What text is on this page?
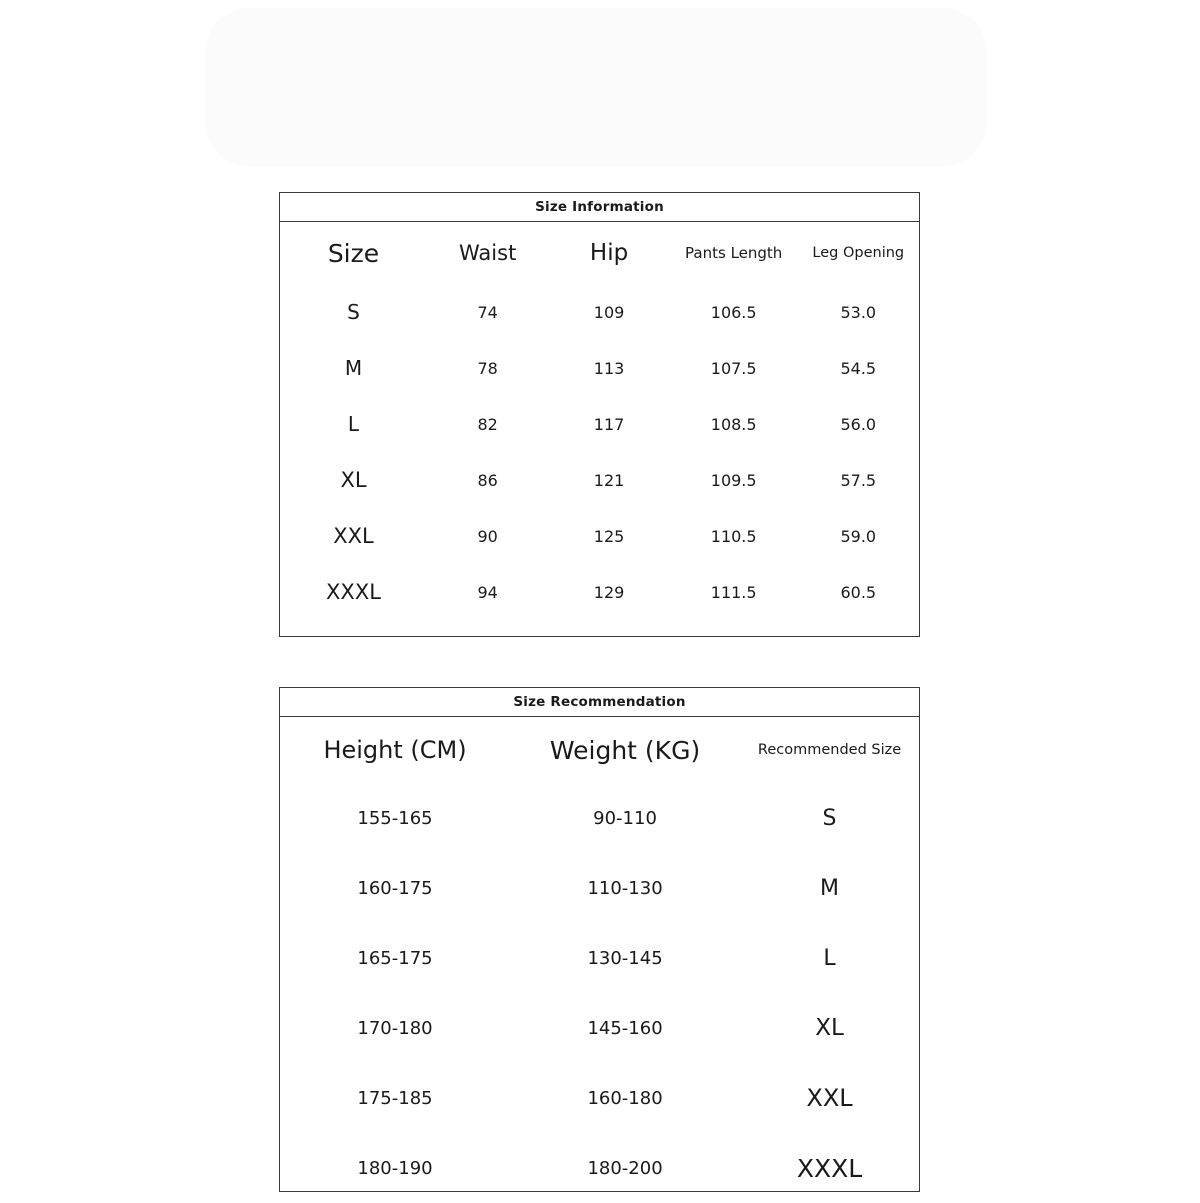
Size Information
Size	Waist	Hip	Pants Length	Leg Opening
S	74	109	106.5	53.0
M	78	113	107.5	54.5
L	82	117	108.5	56.0
XL	86	121	109.5	57.5
XXL	90	125	110.5	59.0
XXXL	94	129	111.5	60.5
Size Recommendation
Height (CM)	Weight (KG)	Recommended Size
155-165	90-110	S
160-175	110-130	M
165-175	130-145	L
170-180	145-160	XL
175-185	160-180	XXL
180-190	180-200	XXXL
